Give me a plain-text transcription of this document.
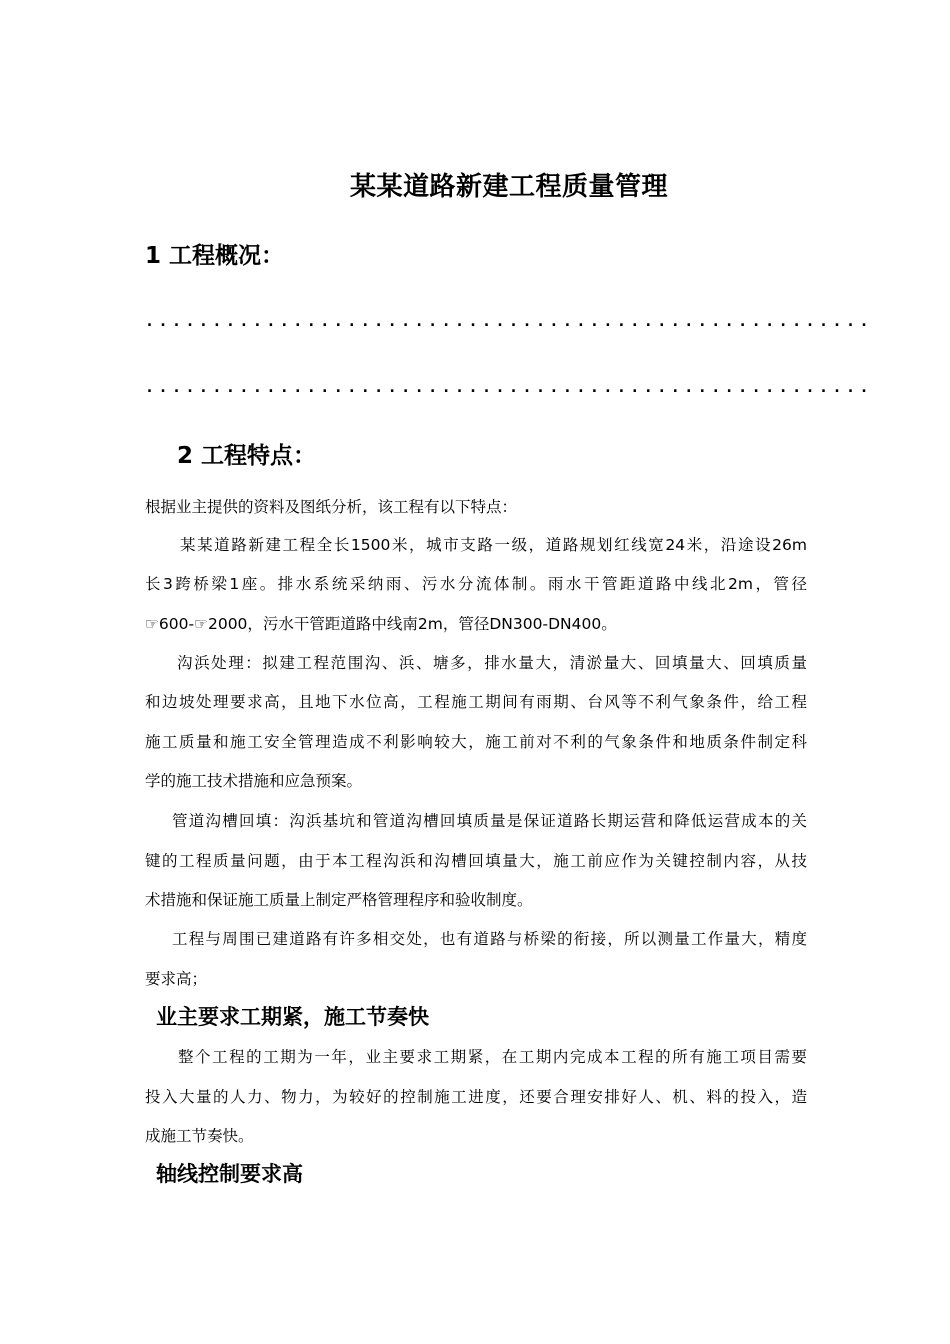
某某道路新建工程质量管理
1 工程概况：
......................................................
......................................................
2 工程特点：
根据业主提供的资料及图纸分析，该工程有以下特点：
某某道路新建工程全长1500米，城市支路一级，道路规划红线宽24米，沿途设26m
长3跨桥梁1座。排水系统采纳雨、污水分流体制。雨水干管距道路中线北2m，管径
☞600-☞2000，污水干管距道路中线南2m，管径DN300-DN400。
沟浜处理：拟建工程范围沟、浜、塘多，排水量大，清淤量大、回填量大、回填质量
和边坡处理要求高，且地下水位高，工程施工期间有雨期、台风等不利气象条件，给工程
施工质量和施工安全管理造成不利影响较大，施工前对不利的气象条件和地质条件制定科
学的施工技术措施和应急预案。
管道沟槽回填：沟浜基坑和管道沟槽回填质量是保证道路长期运营和降低运营成本的关
键的工程质量问题，由于本工程沟浜和沟槽回填量大，施工前应作为关键控制内容，从技
术措施和保证施工质量上制定严格管理程序和验收制度。
工程与周围已建道路有许多相交处，也有道路与桥梁的衔接，所以测量工作量大，精度
要求高；
业主要求工期紧，施工节奏快
整个工程的工期为一年，业主要求工期紧，在工期内完成本工程的所有施工项目需要
投入大量的人力、物力，为较好的控制施工进度，还要合理安排好人、机、料的投入，造
成施工节奏快。
轴线控制要求高
